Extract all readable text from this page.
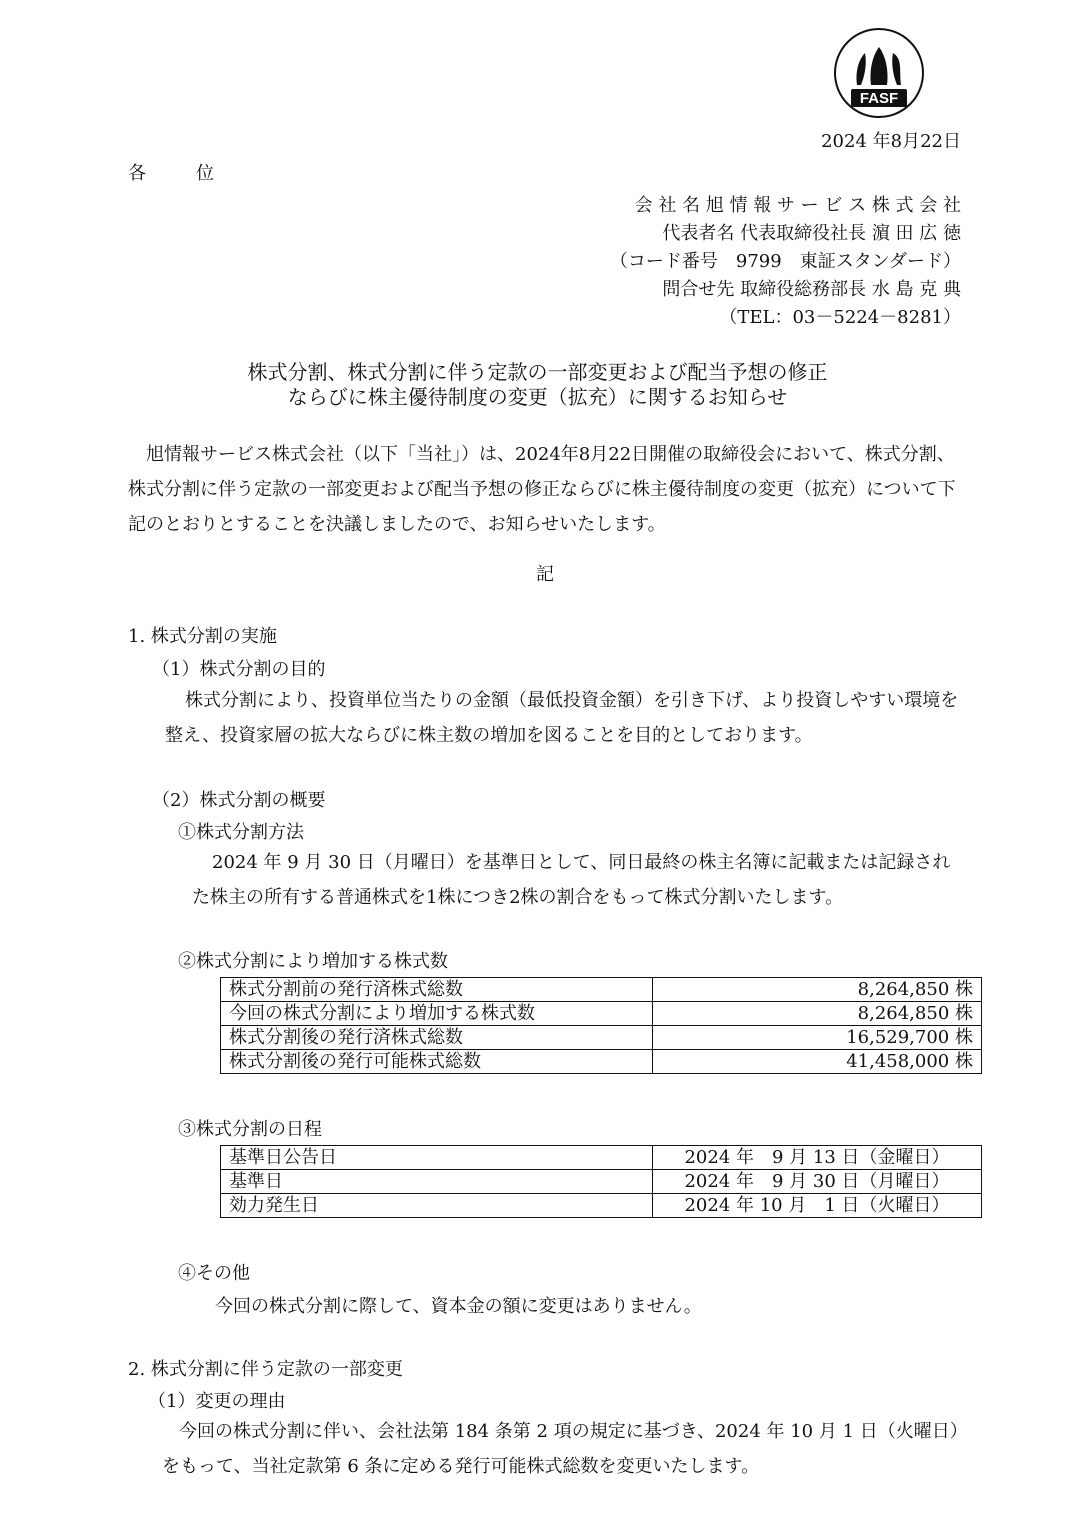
FASF
2024 年8月22日
各位
会 社 名 旭 情 報 サ ー ビ ス 株 式 会 社
代表者名 代表取締役社長 濵 田 広 徳
（コード番号　9799　東証スタンダード）
問合せ先 取締役総務部長 水 島 克 典
（TEL：03－5224－8281）
株式分割、株式分割に伴う定款の一部変更および配当予想の修正
ならびに株主優待制度の変更（拡充）に関するお知らせ
旭情報サービス株式会社（以下「当社」）は、2024年8月22日開催の取締役会において、株式分割、株式分割に伴う定款の一部変更および配当予想の修正ならびに株主優待制度の変更（拡充）について下記のとおりとすることを決議しましたので、お知らせいたします。
記
1. 株式分割の実施
（1）株式分割の目的
株式分割により、投資単位当たりの金額（最低投資金額）を引き下げ、より投資しやすい環境を整え、投資家層の拡大ならびに株主数の増加を図ることを目的としております。
（2）株式分割の概要
①株式分割方法
2024 年 9 月 30 日（月曜日）を基準日として、同日最終の株主名簿に記載または記録された株主の所有する普通株式を1株につき2株の割合をもって株式分割いたします。
②株式分割により増加する株式数
株式分割前の発行済株式総数	8,264,850 株
今回の株式分割により増加する株式数	8,264,850 株
株式分割後の発行済株式総数	16,529,700 株
株式分割後の発行可能株式総数	41,458,000 株
③株式分割の日程
基準日公告日	2024 年　9 月 13 日（金曜日）
基準日	2024 年　9 月 30 日（月曜日）
効力発生日	2024 年 10 月　1 日（火曜日）
④その他
今回の株式分割に際して、資本金の額に変更はありません。
2. 株式分割に伴う定款の一部変更
（1）変更の理由
今回の株式分割に伴い、会社法第 184 条第 2 項の規定に基づき、2024 年 10 月 1 日（火曜日）をもって、当社定款第 6 条に定める発行可能株式総数を変更いたします。
